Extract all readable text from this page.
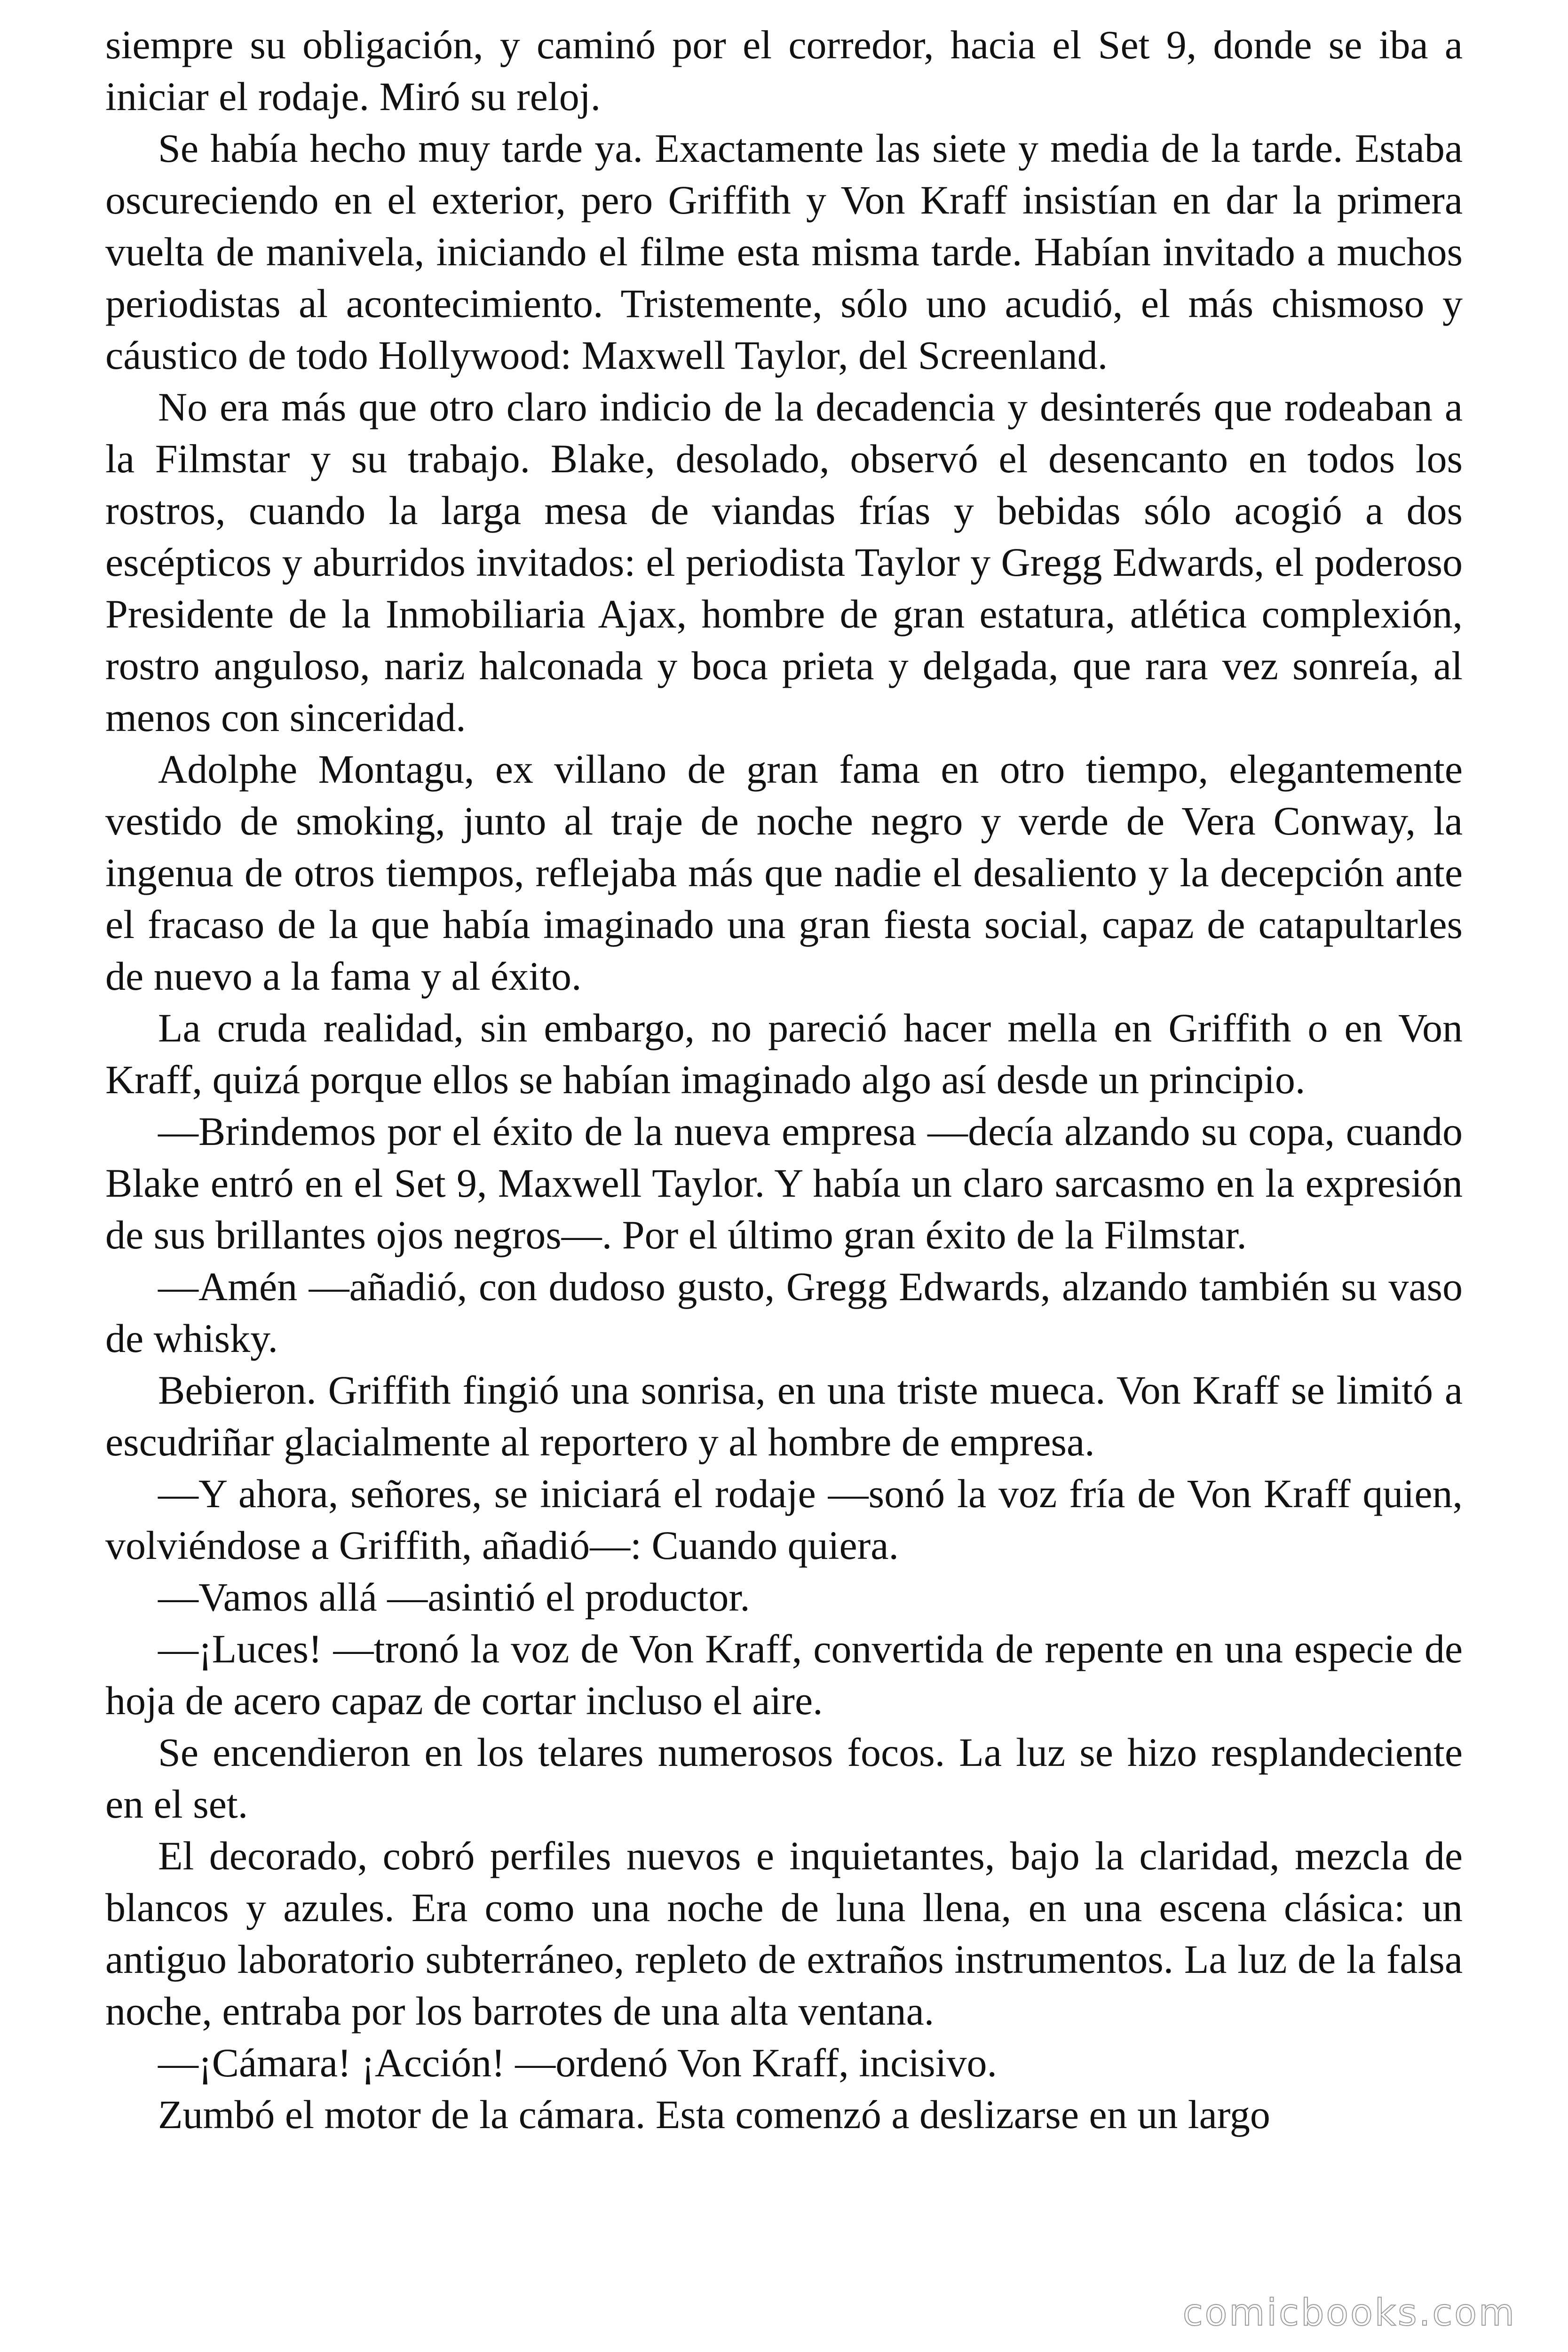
siempre su obligación, y caminó por el corredor, hacia el Set 9, donde se iba a iniciar el rodaje. Miró su reloj.

Se había hecho muy tarde ya. Exactamente las siete y media de la tarde. Estaba oscureciendo en el exterior, pero Griffith y Von Kraff insistían en dar la primera vuelta de manivela, iniciando el filme esta misma tarde. Habían invitado a muchos periodistas al acontecimiento. Tristemente, sólo uno acudió, el más chismoso y cáustico de todo Hollywood: Maxwell Taylor, del Screenland.

No era más que otro claro indicio de la decadencia y desinterés que rodeaban a la Filmstar y su trabajo. Blake, desolado, observó el desencanto en todos los rostros, cuando la larga mesa de viandas frías y bebidas sólo acogió a dos escépticos y aburridos invitados: el periodista Taylor y Gregg Edwards, el poderoso Presidente de la Inmobiliaria Ajax, hombre de gran estatura, atlética complexión, rostro anguloso, nariz halconada y boca prieta y delgada, que rara vez sonreía, al menos con sinceridad.

Adolphe Montagu, ex villano de gran fama en otro tiempo, elegantemente vestido de smoking, junto al traje de noche negro y verde de Vera Conway, la ingenua de otros tiempos, reflejaba más que nadie el desaliento y la decepción ante el fracaso de la que había imaginado una gran fiesta social, capaz de catapultarles de nuevo a la fama y al éxito.

La cruda realidad, sin embargo, no pareció hacer mella en Griffith o en Von Kraff, quizá porque ellos se habían imaginado algo así desde un principio.

—Brindemos por el éxito de la nueva empresa —decía alzando su copa, cuando Blake entró en el Set 9, Maxwell Taylor. Y había un claro sarcasmo en la expresión de sus brillantes ojos negros—. Por el último gran éxito de la Filmstar.

—Amén —añadió, con dudoso gusto, Gregg Edwards, alzando también su vaso de whisky.

Bebieron. Griffith fingió una sonrisa, en una triste mueca. Von Kraff se limitó a escudriñar glacialmente al reportero y al hombre de empresa.

—Y ahora, señores, se iniciará el rodaje —sonó la voz fría de Von Kraff quien, volviéndose a Griffith, añadió—: Cuando quiera.

—Vamos allá —asintió el productor.

—¡Luces! —tronó la voz de Von Kraff, convertida de repente en una especie de hoja de acero capaz de cortar incluso el aire.

Se encendieron en los telares numerosos focos. La luz se hizo resplandeciente en el set.

El decorado, cobró perfiles nuevos e inquietantes, bajo la claridad, mezcla de blancos y azules. Era como una noche de luna llena, en una escena clásica: un antiguo laboratorio subterráneo, repleto de extraños instrumentos. La luz de la falsa noche, entraba por los barrotes de una alta ventana.

—¡Cámara! ¡Acción! —ordenó Von Kraff, incisivo.

Zumbó el motor de la cámara. Esta comenzó a deslizarse en un largo

comicbooks.com
